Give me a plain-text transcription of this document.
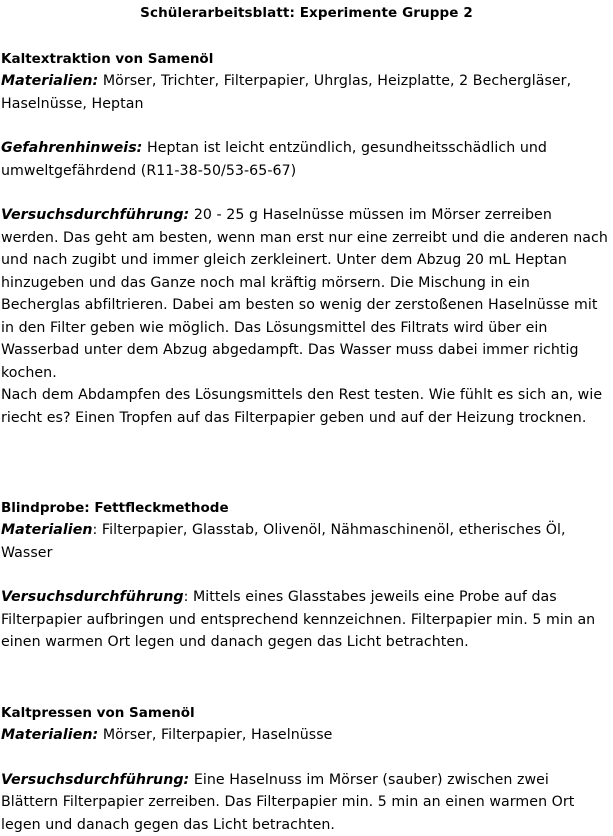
Schülerarbeitsblatt: Experimente Gruppe 2
Kaltextraktion von Samenöl

Materialien: Mörser, Trichter, Filterpapier, Uhrglas, Heizplatte, 2 Bechergläser, Haselnüsse, Heptan

Gefahrenhinweis: Heptan ist leicht entzündlich, gesundheitsschädlich und umweltgefährdend (R11-38-50/53-65-67)

Versuchsdurchführung: 20 - 25 g Haselnüsse müssen im Mörser zerreiben werden. Das geht am besten, wenn man erst nur eine zerreibt und die anderen nach und nach zugibt und immer gleich zerkleinert. Unter dem Abzug 20 mL Heptan hinzugeben und das Ganze noch mal kräftig mörsern. Die Mischung in ein Becherglas abfiltrieren. Dabei am besten so wenig der zerstoßenen Haselnüsse mit in den Filter geben wie möglich. Das Lösungsmittel des Filtrats wird über ein Wasserbad unter dem Abzug abgedampft. Das Wasser muss dabei immer richtig kochen.

Nach dem Abdampfen des Lösungsmittels den Rest testen. Wie fühlt es sich an, wie riecht es? Einen Tropfen auf das Filterpapier geben und auf der Heizung trocknen.

Blindprobe: Fettfleckmethode

Materialien: Filterpapier, Glasstab, Olivenöl, Nähmaschinenöl, etherisches Öl, Wasser

Versuchsdurchführung: Mittels eines Glasstabes jeweils eine Probe auf das Filterpapier aufbringen und entsprechend kennzeichnen. Filterpapier min. 5 min an einen warmen Ort legen und danach gegen das Licht betrachten.

Kaltpressen von Samenöl

Materialien: Mörser, Filterpapier, Haselnüsse

Versuchsdurchführung: Eine Haselnuss im Mörser (sauber) zwischen zwei Blättern Filterpapier zerreiben. Das Filterpapier min. 5 min an einen warmen Ort legen und danach gegen das Licht betrachten.
